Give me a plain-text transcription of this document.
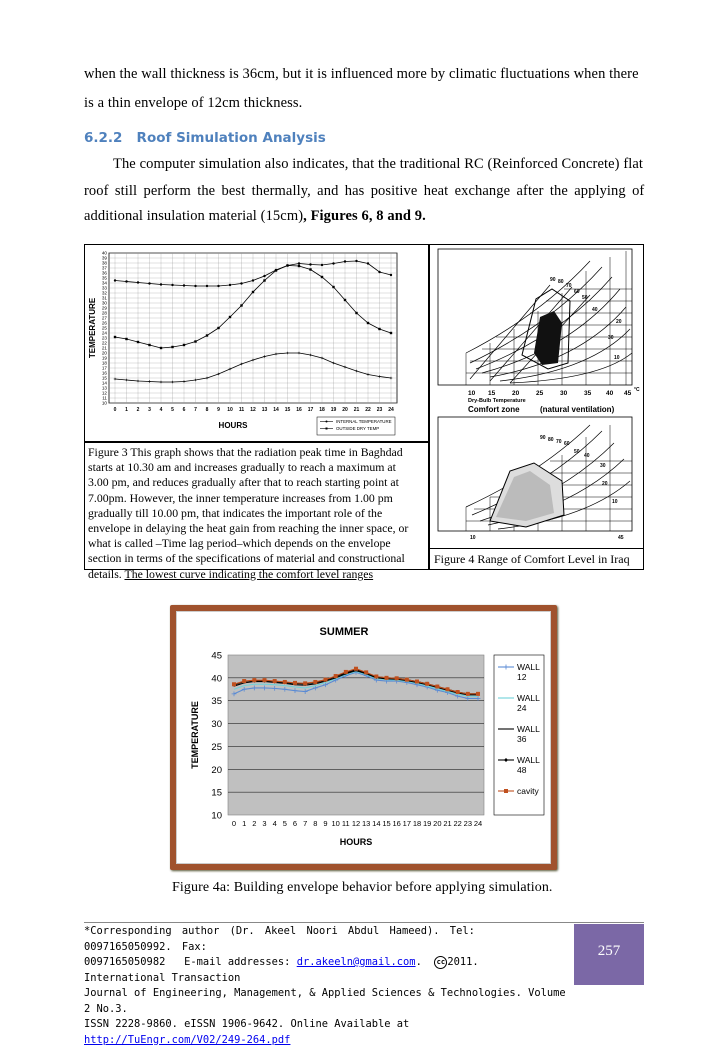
when the wall thickness is 36cm, but it is influenced more by climatic fluctuations when there
is a thin envelope of 12cm thickness.
6.2.2 Roof Simulation Analysis
The computer simulation also indicates, that the traditional RC (Reinforced Concrete) flat
roof still perform the best thermally, and has positive heat exchange after the applying of
additional insulation material (15cm), Figures 6, 8 and 9.
10
11
12
13
14
15
16
17
18
19
20
21
22
23
24
25
26
27
28
29
30
31
32
33
34
35
36
37
38
39
40
0 1 2 3 4 5 6 7 8 9 10 11 12 13 14 15 16 17 18 19 20 21 22 23 24
TEMPERATURE
HOURS	INTERNAL TEMPERATURE
OUTSIDE DRY TEMP
Figure 3 This graph shows that the radiation peak time in Baghdad
starts at 10.30 am and increases gradually to reach a maximum at
3.00 pm, and reduces gradually after that to reach starting point at
7.00pm. However, the inner temperature increases from 1.00 pm
gradually till 10.00 pm, that indicates the important role of the
envelope in delaying the heat gain from reaching the inner space, or
what is called –Time lag period–which depends on the envelope
section in terms of the specifications of material and constructional
details. The lowest curve indicating the comfort level ranges
10 15	20	25	30	35 40 45 °C
Dry-Bulb Temperature
90 80
70
60
50
40
30
20
10
Comfort zone	(natural ventilation)
90 80 70 60
50
40
30
20
10
10	45
Figure 4 Range of Comfort Level in Iraq
SUMMER
10
15
20
25
30
35
40
45
0 1 2 3 4 5 6 7 8 9 10 11 12 13 14 15 16 17 18 19 20 21 22 23 24
TEMPERATURE
HOURS
WALL
12
WALL
24
WALL
36
WALL
48
cavity
Figure 4a: Building envelope behavior before applying simulation.
*Corresponding author (Dr. Akeel Noori Abdul Hameed). Tel: 0097165050992. Fax:
0097165050982   E-mail addresses: dr.akeeln@gmail.com.  cc 2011. International Transaction
Journal of Engineering, Management, & Applied Sciences & Technologies. Volume 2 No.3.
ISSN 2228-9860. eISSN 1906-9642. Online Available at http://TuEngr.com/V02/249-264.pdf
257
